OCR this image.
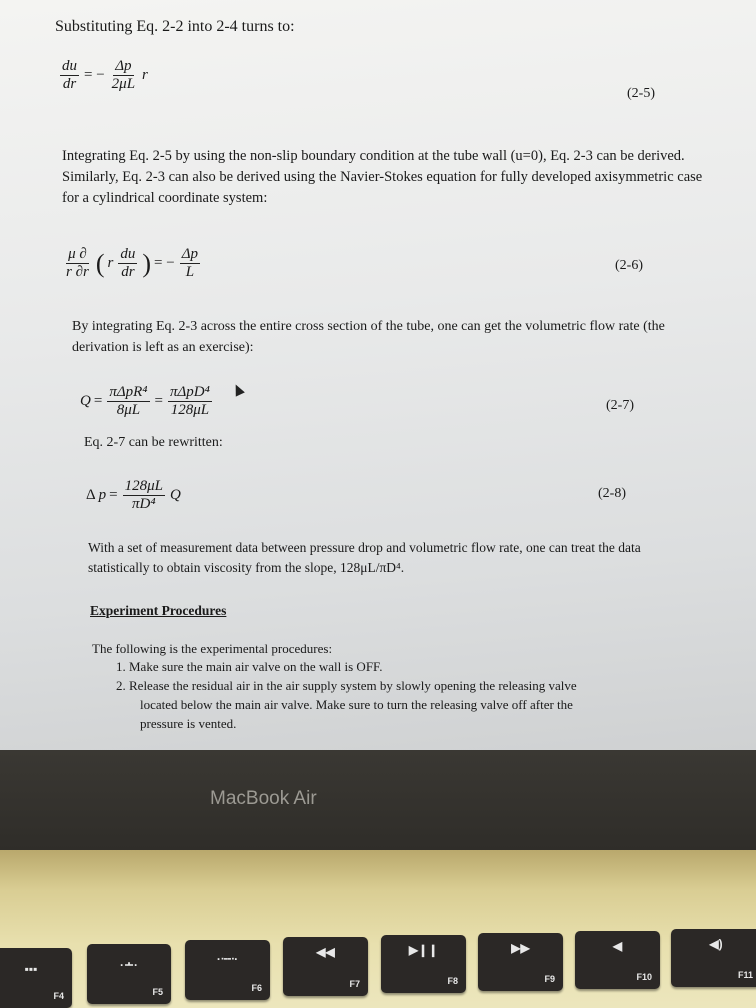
Substituting Eq. 2-2 into 2-4 turns to:
$\frac{du}{dr}$ = − $\frac{\Delta p}{2\mu L}$ r
(2-5)
Integrating Eq. 2-5 by using the non-slip boundary condition at the tube wall (u=0), Eq. 2-3 can be derived. Similarly, Eq. 2-3 can also be derived using the Navier-Stokes equation for fully developed axisymmetric case for a cylindrical coordinate system:
$\frac{\mu \partial}{r \partial r}$ ( r $\frac{du}{dr}$ ) = − $\frac{\Delta p}{L}$	(2-6)
By integrating Eq. 2-3 across the entire cross section of the tube, one can get the volumetric flow rate (the derivation is left as an exercise):
Q =
πΔpR⁴
8μL
=
πΔpD⁴
128μL	(2-7)
Eq. 2-7 can be rewritten:
Δ $p = \frac{128\mu L}{\text{πD⁴}}$ Q	(2-8)
With a set of measurement data between pressure drop and volumetric flow rate, one can treat the data statistically to obtain viscosity from the slope, 128μL/πD⁴.
Experiment Procedures
The following is the experimental procedures:
1. Make sure the main air valve on the wall is OFF.
2. Release the residual air in the air supply system by slowly opening the releasing valve
located below the main air valve. Make sure to turn the releasing valve off after the
pressure is vented.
MacBook Air
▪▪▪
F4
·∸·
F5
·ᐧ╌ᐧ·
F6
◀◀
F7
▶❙❙
F8
▶▶
F9
◀
F10
◀)
F11
